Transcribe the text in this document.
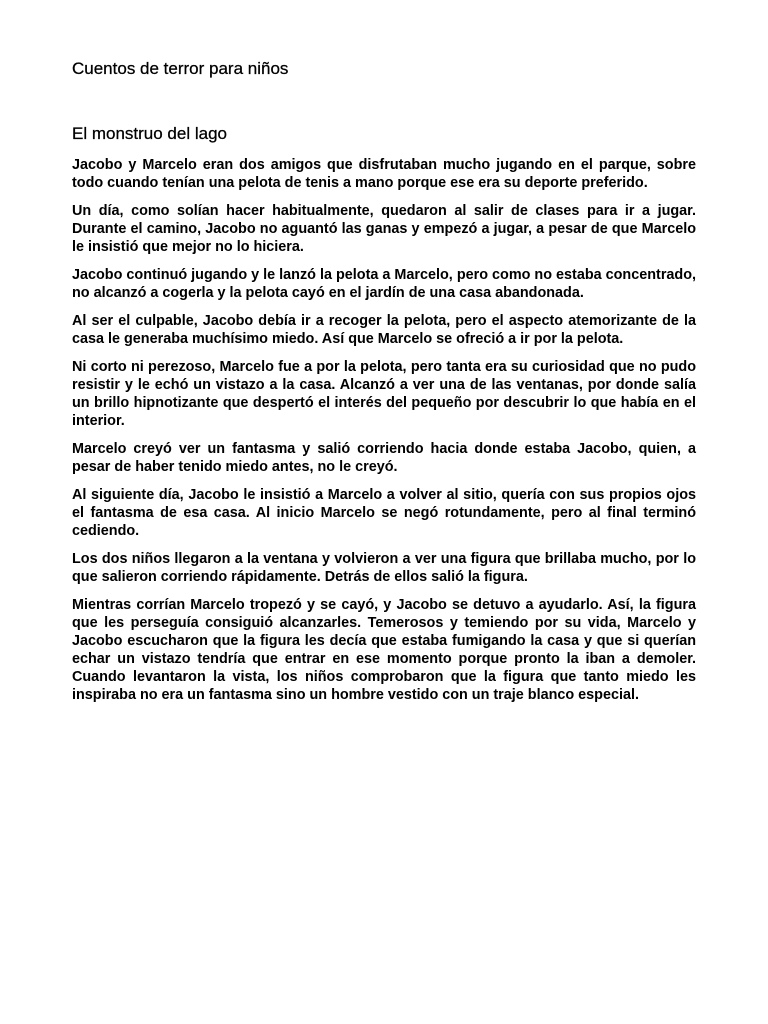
Cuentos de terror para niños
El monstruo del lago

Jacobo y Marcelo eran dos amigos que disfrutaban mucho jugando en el parque, sobre todo cuando tenían una pelota de tenis a mano porque ese era su deporte preferido.

Un día, como solían hacer habitualmente, quedaron al salir de clases para ir a jugar. Durante el camino, Jacobo no aguantó las ganas y empezó a jugar, a pesar de que Marcelo le insistió que mejor no lo hiciera.

Jacobo continuó jugando y le lanzó la pelota a Marcelo, pero como no estaba concentrado, no alcanzó a cogerla y la pelota cayó en el jardín de una casa abandonada.

Al ser el culpable, Jacobo debía ir a recoger la pelota, pero el aspecto atemorizante de la casa le generaba muchísimo miedo. Así que Marcelo se ofreció a ir por la pelota.

Ni corto ni perezoso, Marcelo fue a por la pelota, pero tanta era su curiosidad que no pudo resistir y le echó un vistazo a la casa. Alcanzó a ver una de las ventanas, por donde salía un brillo hipnotizante que despertó el interés del pequeño por descubrir lo que había en el interior.

Marcelo creyó ver un fantasma y salió corriendo hacia donde estaba Jacobo, quien, a pesar de haber tenido miedo antes, no le creyó.

Al siguiente día, Jacobo le insistió a Marcelo a volver al sitio, quería con sus propios ojos el fantasma de esa casa. Al inicio Marcelo se negó rotundamente, pero al final terminó cediendo.

Los dos niños llegaron a la ventana y volvieron a ver una figura que brillaba mucho, por lo que salieron corriendo rápidamente. Detrás de ellos salió la figura.

Mientras corrían Marcelo tropezó y se cayó, y Jacobo se detuvo a ayudarlo. Así, la figura que les perseguía consiguió alcanzarles. Temerosos y temiendo por su vida, Marcelo y Jacobo escucharon que la figura les decía que estaba fumigando la casa y que si querían echar un vistazo tendría que entrar en ese momento porque pronto la iban a demoler. Cuando levantaron la vista, los niños comprobaron que la figura que tanto miedo les inspiraba no era un fantasma sino un hombre vestido con un traje blanco especial.
